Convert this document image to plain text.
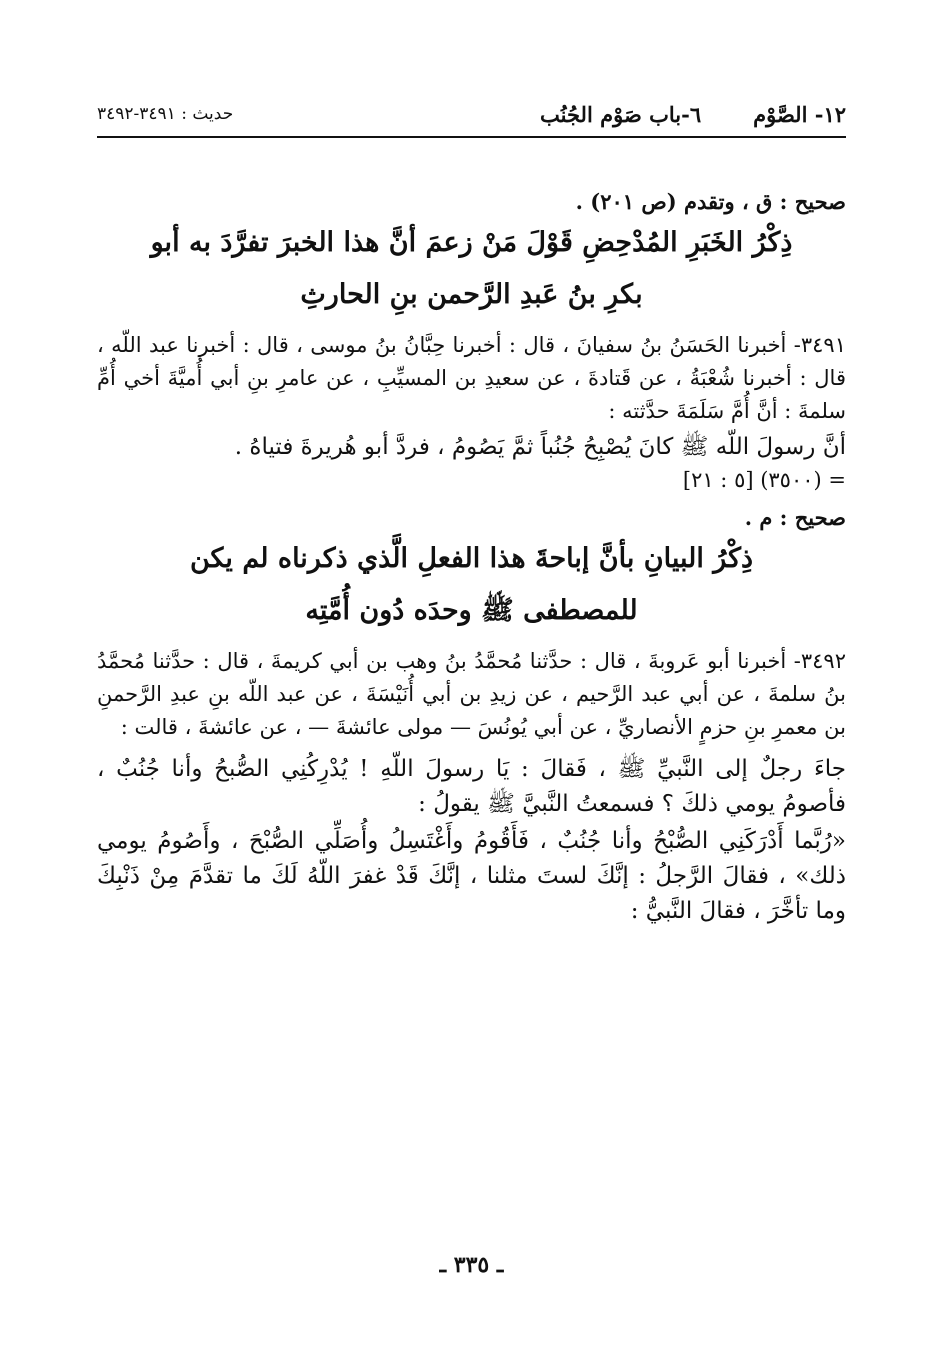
١٢- الصَّوْم٦-باب صَوْم الجُنُب
حديث : ٣٤٩١-٣٤٩٢

صحيح : ق ، وتقدم (ص ٢٠١) .

ذِكْرُ الخَبَرِ المُدْحِضِ قَوْلَ مَنْ زعمَ أنَّ هذا الخبرَ تفرَّدَ به أبو بكرِ بنُ عَبدِ الرَّحمن بنِ الحارثِ

٣٤٩١- أخبرنا الحَسَنُ بنُ سفيانَ ، قال : أخبرنا حِبَّانُ بنُ موسى ، قال : أخبرنا عبد اللّه ، قال : أخبرنا شُعْبَةُ ، عن قَتادةَ ، عن سعيدِ بن المسيِّبِ ، عن عامرِ بنِ أبي أُميَّةَ أخي أُمِّ سلمةَ : أنَّ أُمَّ سَلَمَةَ حدَّثته :

أنَّ رسولَ اللّه ﷺ كانَ يُصْبِحُ جُنُباً ثمَّ يَصُومُ ، فردَّ أبو هُريرةَ فتياهُ .

= (٣٥٠٠) [٥ : ٢١]

صحيح : م .

ذِكْرُ البيانِ بأنَّ إباحةَ هذا الفعلِ الَّذي ذكرناه لم يكن للمصطفى ﷺ وحدَه دُون أُمَّتِه

٣٤٩٢- أخبرنا أبو عَروبةَ ، قال : حدَّثنا مُحمَّدُ بنُ وهب بن أبي كريمةَ ، قال : حدَّثنا مُحمَّدُ بنُ سلمةَ ، عن أبي عبد الرَّحيم ، عن زيدِ بن أبي أُنَيْسَةَ ، عن عبد اللّه بنِ عبدِ الرَّحمنِ بن معمرِ بنِ حزمٍ الأنصاريِّ ، عن أبي يُونُسَ — مولى عائشةَ — ، عن عائشةَ ، قالت :

جاءَ رجلٌ إلى النَّبيِّ ﷺ ، فَقالَ : يَا رسولَ اللّهِ ! يُدْرِكُنِي الصُّبحُ وأنا جُنُبٌ ، فأصومُ يومي ذلكَ ؟ فسمعتُ النَّبيَّ ﷺ يقولُ :

«رُبَّما أَدْرَكَنِي الصُّبْحُ وأنا جُنُبٌ ، فَأَقُومُ وأَغْتَسِلُ وأُصَلِّي الصُّبْحَ ، وأَصُومُ يومي ذلك» ، فقالَ الرَّجلُ : إنَّكَ لستَ مثلنا ، إنَّكَ قَدْ غفرَ اللّهُ لَكَ ما تقدَّمَ مِنْ ذَنْبِكَ وما تأخَّرَ ، فقالَ النَّبيُّ :

ـ ٣٣٥ ـ
